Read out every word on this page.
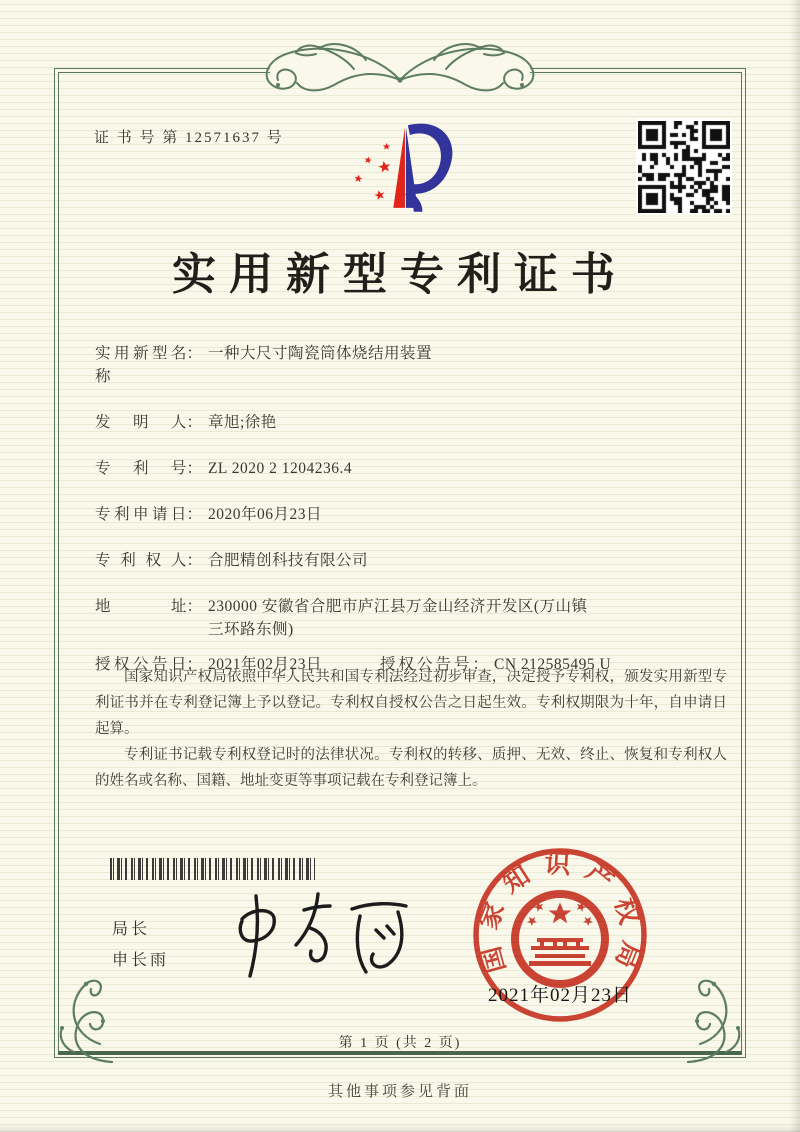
证 书 号 第 12571637 号
实用新型专利证书
实用新型名称
： 一种大尺寸陶瓷筒体烧结用装置
发明人 ： 章旭;徐艳
专利号 ： ZL 2020 2 1204236.4
专利申请日 ： 2020年06月23日
专利权人 ： 合肥精创科技有限公司
地址 ： 230000 安徽省合肥市庐江县万金山经济开发区(万山镇三环路东侧)
授权公告日 ： 2021年02月23日	授权公告号 ： CN 212585495 U

国家知识产权局依照中华人民共和国专利法经过初步审查，决定授予专利权，颁发实用新型专利证书并在专利登记簿上予以登记。专利权自授权公告之日起生效。专利权期限为十年，自申请日起算。

专利证书记载专利权登记时的法律状况。专利权的转移、质押、无效、终止、恢复和专利权人的姓名或名称、国籍、地址变更等事项记载在专利登记簿上。

局长
申长雨	国家知识产权局
2021年02月23日
第 1 页 (共 2 页)
其他事项参见背面
